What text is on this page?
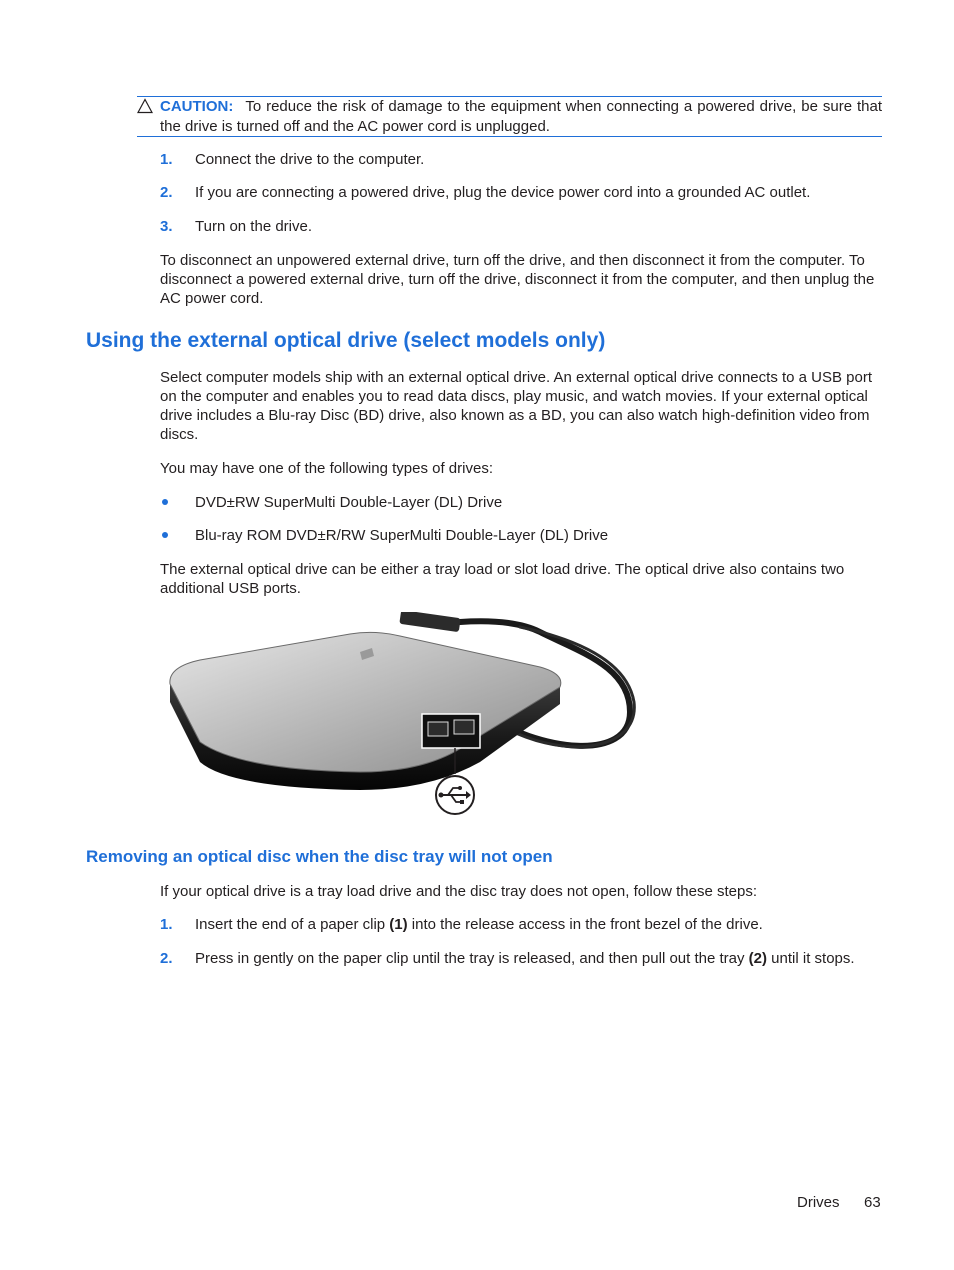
CAUTION: To reduce the risk of damage to the equipment when connecting a powered drive, be sure that the drive is turned off and the AC power cord is unplugged.
1. Connect the drive to the computer.
2. If you are connecting a powered drive, plug the device power cord into a grounded AC outlet.
3. Turn on the drive.

To disconnect an unpowered external drive, turn off the drive, and then disconnect it from the computer. To disconnect a powered external drive, turn off the drive, disconnect it from the computer, and then unplug the AC power cord.

Using the external optical drive (select models only)

Select computer models ship with an external optical drive. An external optical drive connects to a USB port on the computer and enables you to read data discs, play music, and watch movies. If your external optical drive includes a Blu-ray Disc (BD) drive, also known as a BD, you can also watch high-definition video from discs.

You may have one of the following types of drives:

DVD±RW SuperMulti Double-Layer (DL) Drive
Blu-ray ROM DVD±R/RW SuperMulti Double-Layer (DL) Drive

The external optical drive can be either a tray load or slot load drive. The optical drive also contains two additional USB ports.

Removing an optical disc when the disc tray will not open

If your optical drive is a tray load drive and the disc tray does not open, follow these steps:

1. Insert the end of a paper clip (1) into the release access in the front bezel of the drive.
2. Press in gently on the paper clip until the tray is released, and then pull out the tray (2) until it stops.
Drives 63
